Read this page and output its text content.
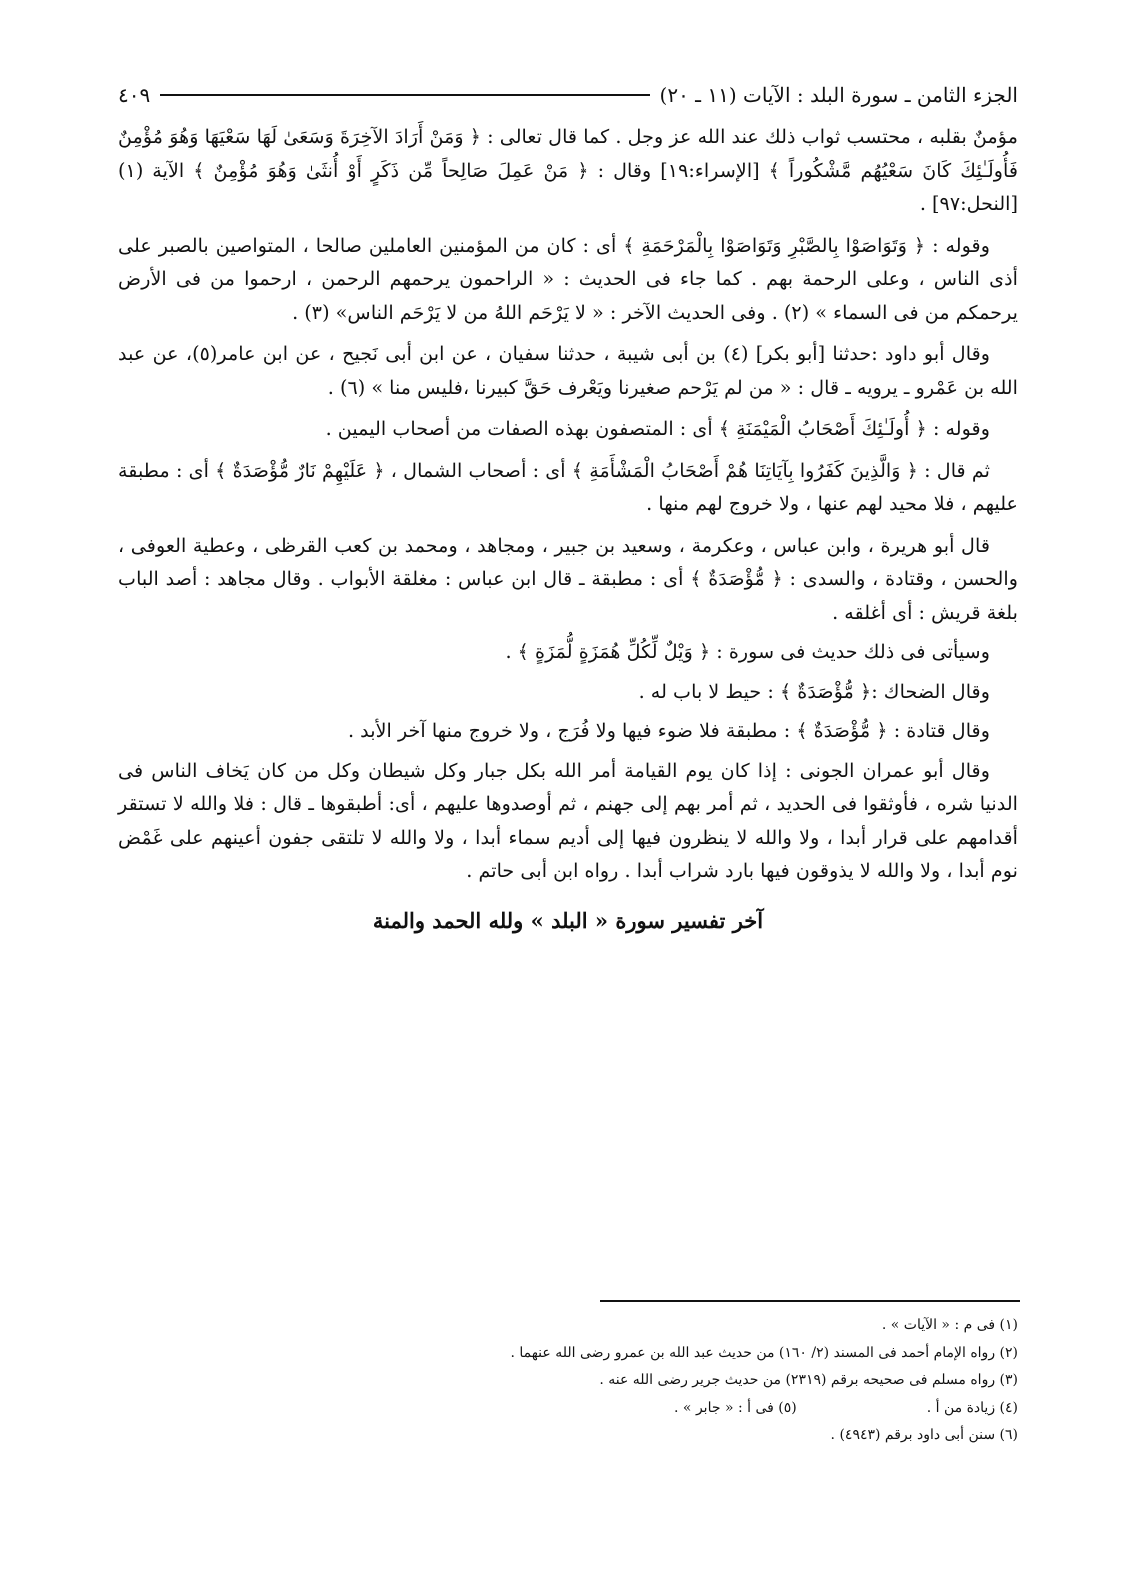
الجزء الثامن ـ سورة البلد : الآيات (١١ ـ ٢٠)
٤٠٩

مؤمنٌ بقلبه ، محتسب ثواب ذلك عند الله عز وجل . كما قال تعالى : ﴿ وَمَنْ أَرَادَ الآخِرَةَ وَسَعَىٰ لَهَا سَعْيَهَا وَهُوَ مُؤْمِنٌ فَأُولَـٰئِكَ كَانَ سَعْيُهُم مَّشْكُوراً ﴾ [الإسراء:١٩] وقال : ﴿ مَنْ عَمِلَ صَالِحاً مِّن ذَكَرٍ أَوْ أُنثَىٰ وَهُوَ مُؤْمِنٌ ﴾ الآية (١) [النحل:٩٧] .

وقوله : ﴿ وَتَوَاصَوْا بِالصَّبْرِ وَتَوَاصَوْا بِالْمَرْحَمَةِ ﴾ أى : كان من المؤمنين العاملين صالحا ، المتواصين بالصبر على أذى الناس ، وعلى الرحمة بهم . كما جاء فى الحديث : « الراحمون يرحمهم الرحمن ، ارحموا من فى الأرض يرحمكم من فى السماء » (٢) . وفى الحديث الآخر : « لا يَرْحَم اللهُ من لا يَرْحَم الناس» (٣) .

وقال أبو داود :حدثنا [أبو بكر] (٤) بن أبى شيبة ، حدثنا سفيان ، عن ابن أبى نَجيح ، عن ابن عامر(٥)، عن عبد الله بن عَمْرو ـ يرويه ـ قال : « من لم يَرْحم صغيرنا ويَعْرف حَقَّ كبيرنا ،فليس منا » (٦) .

وقوله : ﴿ أُولَـٰئِكَ أَصْحَابُ الْمَيْمَنَةِ ﴾ أى : المتصفون بهذه الصفات من أصحاب اليمين .

ثم قال : ﴿ وَالَّذِينَ كَفَرُوا بِآيَاتِنَا هُمْ أَصْحَابُ الْمَشْأَمَةِ ﴾ أى : أصحاب الشمال ، ﴿ عَلَيْهِمْ نَارٌ مُّؤْصَدَةٌ ﴾ أى : مطبقة عليهم ، فلا محيد لهم عنها ، ولا خروج لهم منها .

قال أبو هريرة ، وابن عباس ، وعكرمة ، وسعيد بن جبير ، ومجاهد ، ومحمد بن كعب القرظى ، وعطية العوفى ، والحسن ، وقتادة ، والسدى : ﴿ مُّؤْصَدَةٌ ﴾ أى : مطبقة ـ قال ابن عباس : مغلقة الأبواب . وقال مجاهد : أصد الباب بلغة قريش : أى أغلقه .

وسيأتى فى ذلك حديث فى سورة : ﴿ وَيْلٌ لِّكُلِّ هُمَزَةٍ لُّمَزَةٍ ﴾ .

وقال الضحاك :﴿ مُّؤْصَدَةٌ ﴾ : حيط لا باب له .

وقال قتادة : ﴿ مُّؤْصَدَةٌ ﴾ : مطبقة فلا ضوء فيها ولا فُرَج ، ولا خروج منها آخر الأبد .

وقال أبو عمران الجونى : إذا كان يوم القيامة أمر الله بكل جبار وكل شيطان وكل من كان يَخاف الناس فى الدنيا شره ، فأوثقوا فى الحديد ، ثم أمر بهم إلى جهنم ، ثم أوصدوها عليهم ، أى: أطبقوها ـ قال : فلا والله لا تستقر أقدامهم على قرار أبدا ، ولا والله لا ينظرون فيها إلى أديم سماء أبدا ، ولا والله لا تلتقى جفون أعينهم على غَمْض نوم أبدا ، ولا والله لا يذوقون فيها بارد شراب أبدا . رواه ابن أبى حاتم .

آخر تفسير سورة « البلد » ولله الحمد والمنة
(١) فى م : « الآيات » .
(٢) رواه الإمام أحمد فى المسند (٢/ ١٦٠) من حديث عبد الله بن عمرو رضى الله عنهما .
(٣) رواه مسلم فى صحيحه برقم (٢٣١٩) من حديث جرير رضى الله عنه .
(٤) زيادة من أ .
(٥) فى أ : « جابر » .
(٦) سنن أبى داود برقم (٤٩٤٣) .
